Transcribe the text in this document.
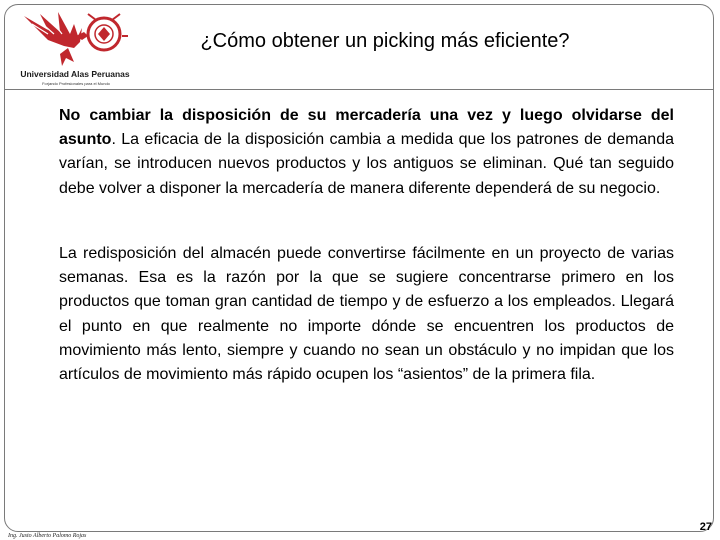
Universidad Alas Peruanas
Forjando Profesionales para el Mundo
¿Cómo obtener un picking más eficiente?

No cambiar la disposición de su mercadería una vez y luego olvidarse del asunto. La eficacia de la disposición cambia a medida que los patrones de demanda varían, se introducen nuevos productos y los antiguos se eliminan. Qué tan seguido debe volver a disponer la mercadería de manera diferente dependerá de su negocio.

La redisposición del almacén puede convertirse fácilmente en un proyecto de varias semanas. Esa es la razón por la que se sugiere concentrarse primero en los productos que toman gran cantidad de tiempo y de esfuerzo a los empleados. Llegará el punto en que realmente no importe dónde se encuentren los productos de movimiento más lento, siempre y cuando no sean un obstáculo y no impidan que los artículos de movimiento más rápido ocupen los “asientos” de la primera fila.

Ing. Justo Alberto Palomo Rojas
27
